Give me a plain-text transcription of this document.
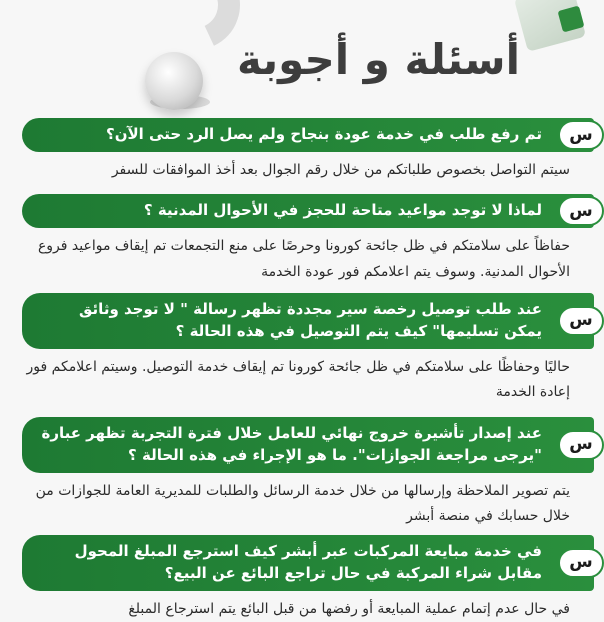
أسئلة و أجوبة
تم رفع طلب في خدمة عودة بنجاح ولم يصل الرد حتى الآن؟	س

سيتم التواصل بخصوص طلباتكم من خلال رقم الجوال بعد أخذ الموافقات للسفر

لماذا لا توجد مواعيد متاحة للحجز في الأحوال المدنية ؟	س

حفاظاً على سلامتكم في ظل جائحة كورونا وحرصًا على منع التجمعات تم إيقاف مواعيد فروع الأحوال المدنية. وسوف يتم اعلامكم فور عودة الخدمة

عند طلب توصيل رخصة سير مجددة تظهر رسالة " لا توجد وثائق يمكن تسليمها" كيف يتم التوصيل في هذه الحالة ؟
س

حاليًا وحفاظًا على سلامتكم في ظل جائحة كورونا تم إيقاف خدمة التوصيل. وسيتم اعلامكم فور إعادة الخدمة

عند إصدار تأشيرة خروج نهائي للعامل خلال فترة التجربة تظهر عبارة "يرجى مراجعة الجوازات". ما هو الإجراء في هذه الحالة ؟
س

يتم تصوير الملاحظة وإرسالها من خلال خدمة الرسائل والطلبات للمديرية العامة للجوازات من خلال حسابك في منصة أبشر

في خدمة مبايعة المركبات عبر أبشر كيف استرجع المبلغ المحول مقابل شراء المركبة في حال تراجع البائع عن البيع؟
س

في حال عدم إتمام عملية المبايعة أو رفضها من قبل البائع يتم استرجاع المبلغ
